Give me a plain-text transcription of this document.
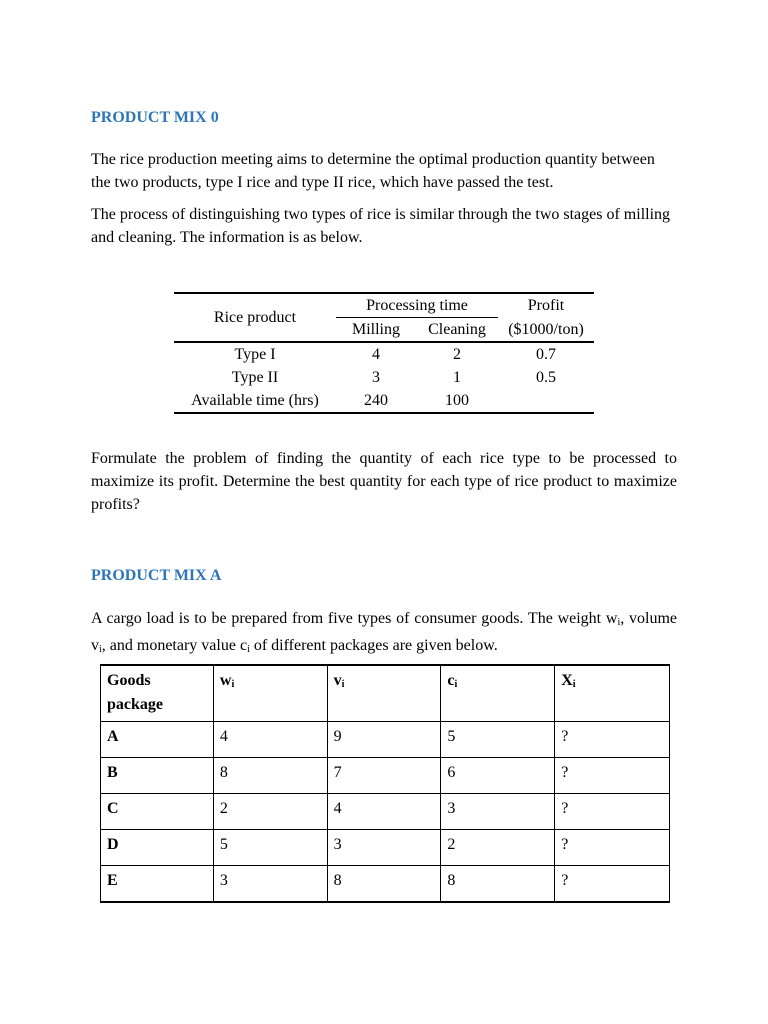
PRODUCT MIX 0

The rice production meeting aims to determine the optimal production quantity between the two products, type I rice and type II rice, which have passed the test.

The process of distinguishing two types of rice is similar through the two stages of milling and cleaning. The information is as below.

Rice product	Processing time		Profit
	Milling	Cleaning	($1000/ton)
Type I	4	2	0.7
Type II	3	1	0.5
Available time (hrs)	240	100	

Formulate the problem of finding the quantity of each rice type to be processed to maximize its profit. Determine the best quantity for each type of rice product to maximize profits?

PRODUCT MIX A

A cargo load is to be prepared from five types of consumer goods. The weight $w_i$, volume $v_i$, and monetary value $c_i$ of different packages are given below.

Goods
package	$w_i$	$v_i$	$c_i$	$X_i$
A	4	9	5	?
B	8	7	6	?
C	2	4	3	?
D	5	3	2	?
E	3	8	8	?
